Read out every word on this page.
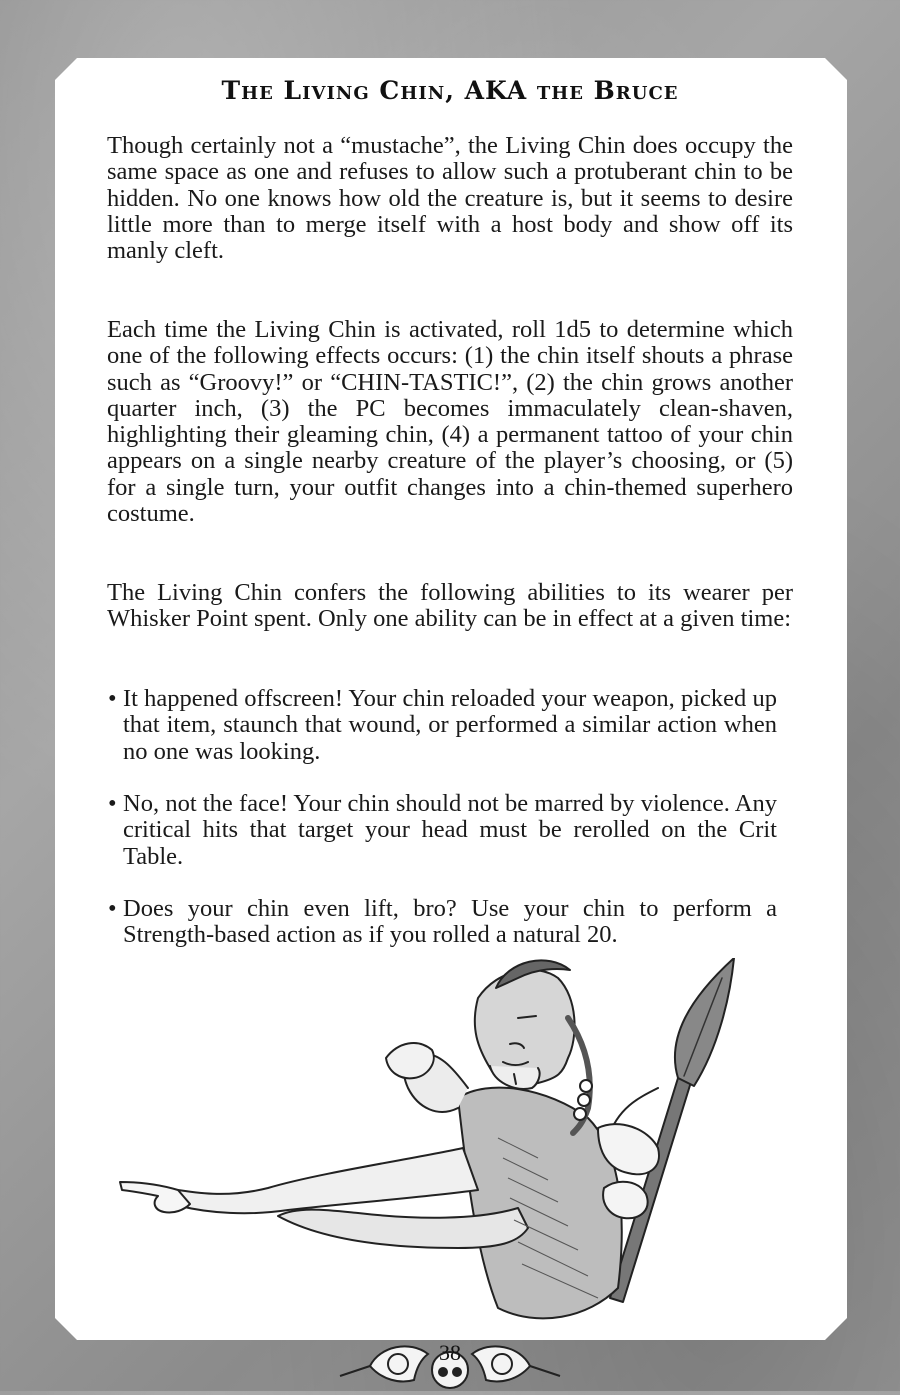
The Living Chin, AKA the Bruce

Though certainly not a “mustache”, the Living Chin does occupy the same space as one and refuses to allow such a protuberant chin to be hidden. No one knows how old the creature is, but it seems to desire little more than to merge itself with a host body and show off its manly cleft.

Each time the Living Chin is activated, roll 1d5 to determine which one of the following effects occurs: (1) the chin itself shouts a phrase such as “Groovy!” or “CHIN-TASTIC!”, (2) the chin grows another quarter inch, (3) the PC becomes immaculately clean-shaven, highlighting their gleaming chin, (4) a permanent tattoo of your chin appears on a single nearby creature of the player’s choosing, or (5) for a single turn, your outfit changes into a chin-themed superhero costume.

The Living Chin confers the following abilities to its wearer per Whisker Point spent. Only one ability can be in effect at a given time:

• It happened offscreen! Your chin reloaded your weapon, picked up that item, staunch that wound, or performed a similar action when no one was looking.
• No, not the face! Your chin should not be marred by violence. Any critical hits that target your head must be rerolled on the Crit Table.
• Does your chin even lift, bro? Use your chin to perform a Strength-based action as if you rolled a natural 20.
38
